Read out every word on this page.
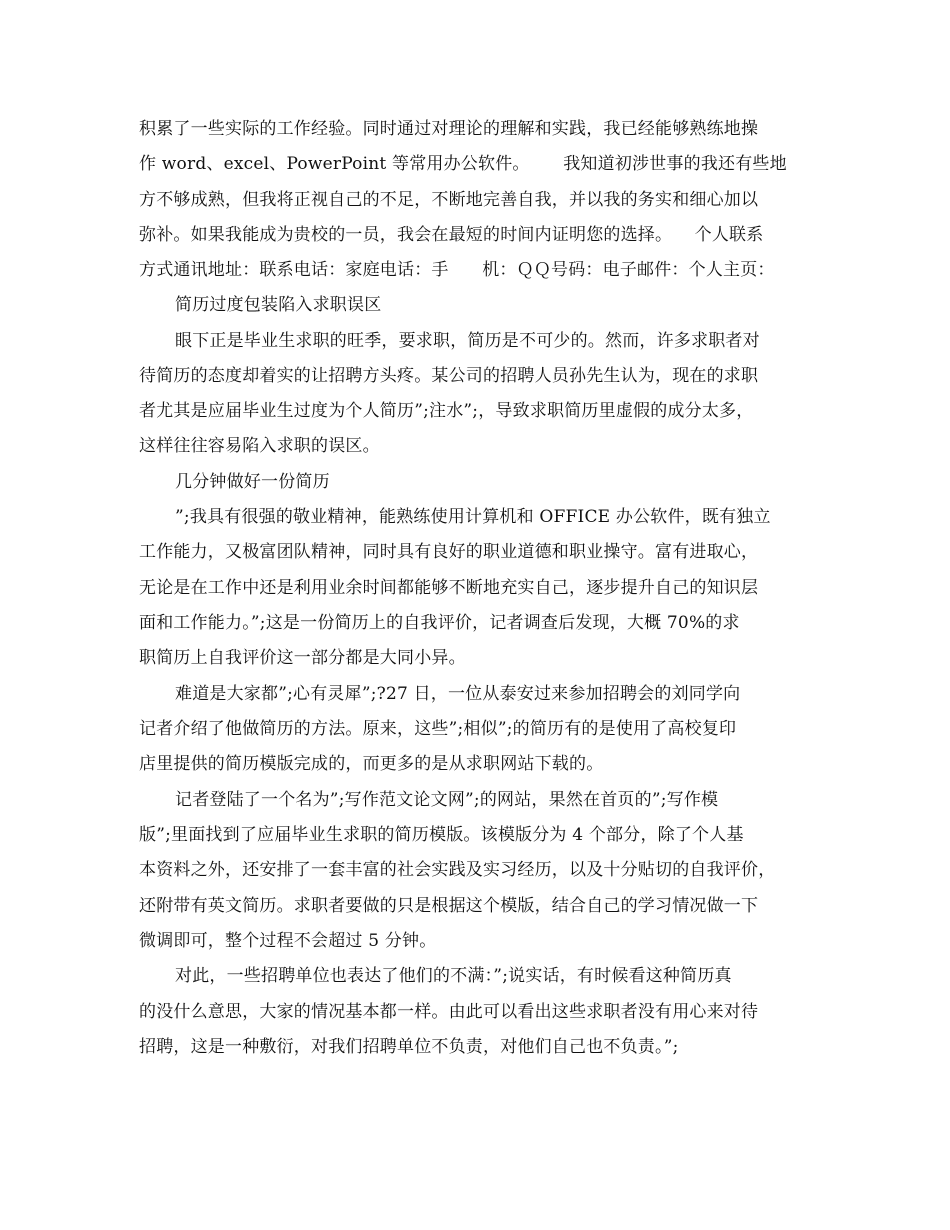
积累了一些实际的工作经验。同时通过对理论的理解和实践，我已经能够熟练地操
作 word、excel、PowerPoint 等常用办公软件。      我知道初涉世事的我还有些地
方不够成熟，但我将正视自己的不足，不断地完善自我，并以我的务实和细心加以
弥补。如果我能成为贵校的一员，我会在最短的时间内证明您的选择。    个人联系
方式通讯地址：联系电话：家庭电话：手      机：ＱＱ号码：电子邮件：个人主页：
简历过度包装陷入求职误区
眼下正是毕业生求职的旺季，要求职，简历是不可少的。然而，许多求职者对
待简历的态度却着实的让招聘方头疼。某公司的招聘人员孙先生认为，现在的求职
者尤其是应届毕业生过度为个人简历”;注水”;，导致求职简历里虚假的成分太多，
这样往往容易陷入求职的误区。
几分钟做好一份简历
”;我具有很强的敬业精神，能熟练使用计算机和 OFFICE 办公软件，既有独立
工作能力，又极富团队精神，同时具有良好的职业道德和职业操守。富有进取心，
无论是在工作中还是利用业余时间都能够不断地充实自己，逐步提升自己的知识层
面和工作能力。”;这是一份简历上的自我评价，记者调查后发现，大概 70%的求
职简历上自我评价这一部分都是大同小异。
难道是大家都”;心有灵犀”;?27 日，一位从泰安过来参加招聘会的刘同学向
记者介绍了他做简历的方法。原来，这些”;相似”;的简历有的是使用了高校复印
店里提供的简历模版完成的，而更多的是从求职网站下载的。
记者登陆了一个名为”;写作范文论文网”;的网站，果然在首页的”;写作模
版”;里面找到了应届毕业生求职的简历模版。该模版分为 4 个部分，除了个人基
本资料之外，还安排了一套丰富的社会实践及实习经历，以及十分贴切的自我评价，
还附带有英文简历。求职者要做的只是根据这个模版，结合自己的学习情况做一下
微调即可，整个过程不会超过 5 分钟。
对此，一些招聘单位也表达了他们的不满：”;说实话，有时候看这种简历真
的没什么意思，大家的情况基本都一样。由此可以看出这些求职者没有用心来对待
招聘，这是一种敷衍，对我们招聘单位不负责，对他们自己也不负责。”;
